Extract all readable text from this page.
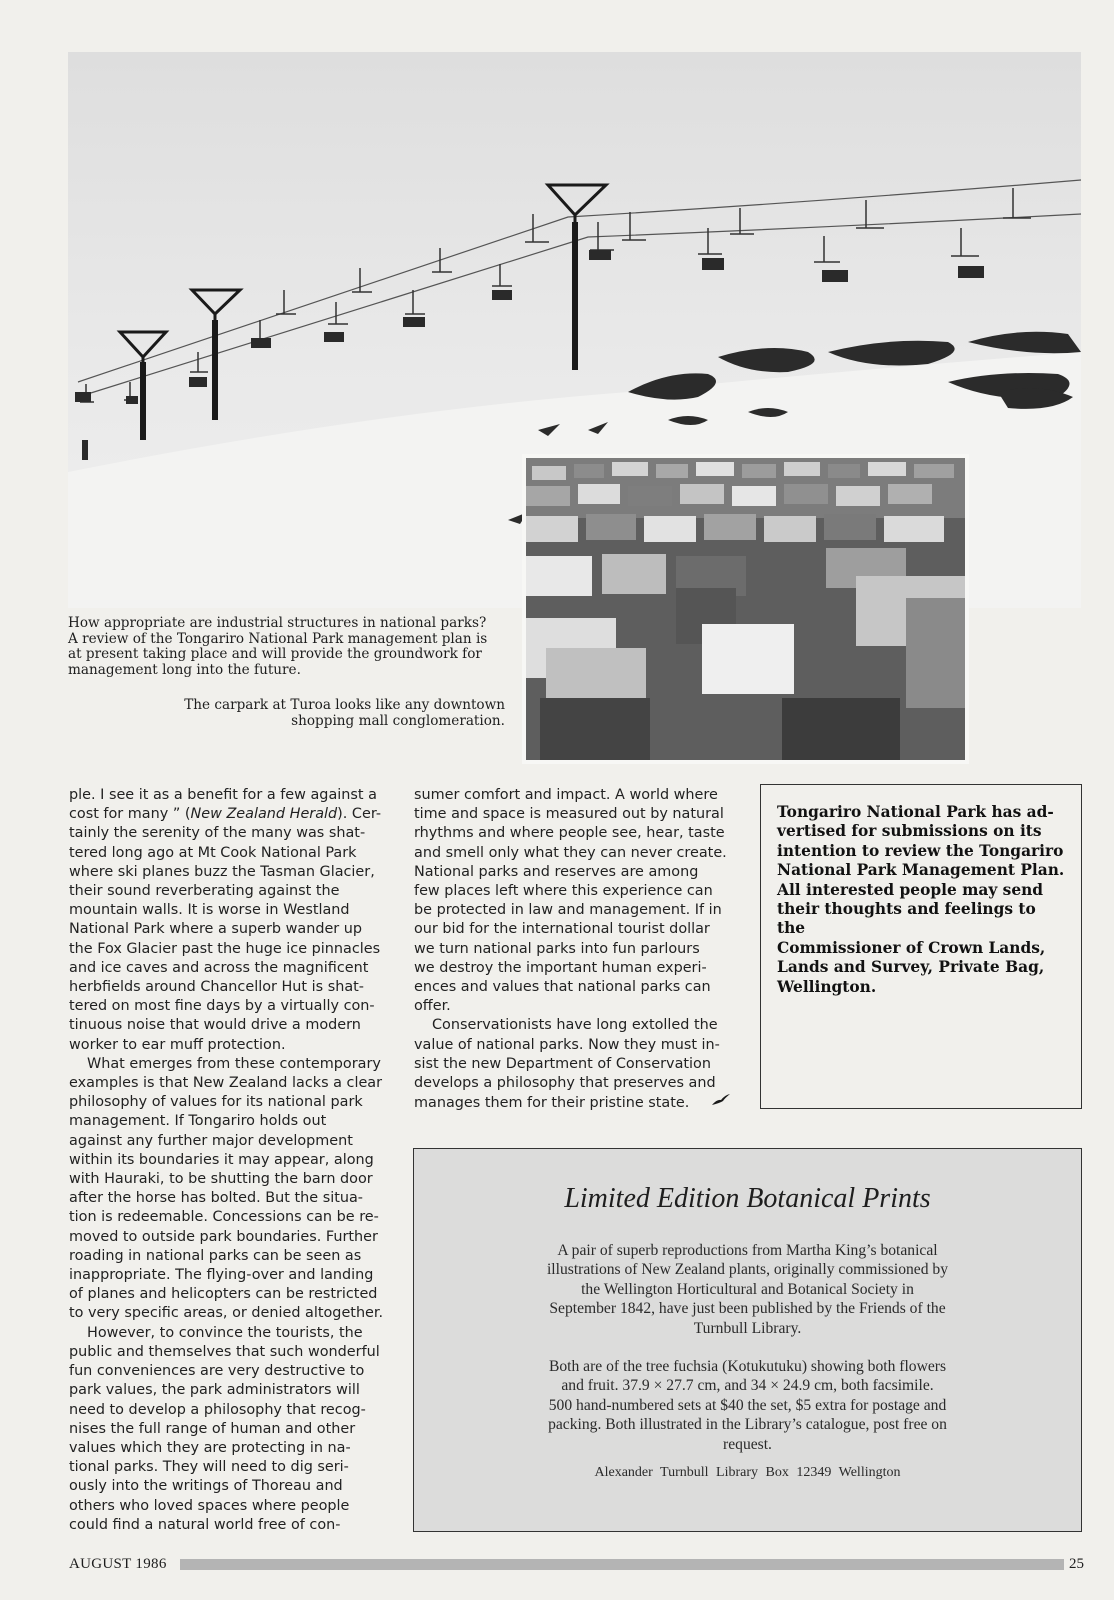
How appropriate are industrial structures in national parks? A review of the Tongariro National Park management plan is at present taking place and will provide the groundwork for management long into the future.
The carpark at Turoa looks like any downtown shopping mall conglomeration.

ple. I see it as a benefit for a few against a
cost for many ” (New Zealand Herald). Cer-
tainly the serenity of the many was shat-
tered long ago at Mt Cook National Park
where ski planes buzz the Tasman Glacier,
their sound reverberating against the
mountain walls. It is worse in Westland
National Park where a superb wander up
the Fox Glacier past the huge ice pinnacles
and ice caves and across the magnificent
herbfields around Chancellor Hut is shat-
tered on most fine days by a virtually con-
tinuous noise that would drive a modern
worker to ear muff protection.

What emerges from these contemporary
examples is that New Zealand lacks a clear
philosophy of values for its national park
management. If Tongariro holds out
against any further major development
within its boundaries it may appear, along
with Hauraki, to be shutting the barn door
after the horse has bolted. But the situa-
tion is redeemable. Concessions can be re-
moved to outside park boundaries. Further
roading in national parks can be seen as
inappropriate. The flying-over and landing
of planes and helicopters can be restricted
to very specific areas, or denied altogether.

However, to convince the tourists, the
public and themselves that such wonderful
fun conveniences are very destructive to
park values, the park administrators will
need to develop a philosophy that recog-
nises the full range of human and other
values which they are protecting in na-
tional parks. They will need to dig seri-
ously into the writings of Thoreau and
others who loved spaces where people
could find a natural world free of con-

sumer comfort and impact. A world where
time and space is measured out by natural
rhythms and where people see, hear, taste
and smell only what they can never create.
National parks and reserves are among
few places left where this experience can
be protected in law and management. If in
our bid for the international tourist dollar
we turn national parks into fun parlours
we destroy the important human experi-
ences and values that national parks can
offer.

Conservationists have long extolled the
value of national parks. Now they must in-
sist the new Department of Conservation
develops a philosophy that preserves and
manages them for their pristine state.

Tongariro National Park has ad-
vertised for submissions on its
intention to review the Tongariro
National Park Management Plan.
All interested people may send
their thoughts and feelings to the
Commissioner of Crown Lands,
Lands and Survey, Private Bag,
Wellington.
Limited Edition Botanical Prints
A pair of superb reproductions from Martha King’s botanical
illustrations of New Zealand plants, originally commissioned by
the Wellington Horticultural and Botanical Society in
September 1842, have just been published by the Friends of the
Turnbull Library.
Both are of the tree fuchsia (Kotukutuku) showing both flowers
and fruit. 37.9 × 27.7 cm, and 34 × 24.9 cm, both facsimile.
500 hand-numbered sets at $40 the set, $5 extra for postage and
packing. Both illustrated in the Library’s catalogue, post free on
request.
Alexander Turnbull Library Box 12349 Wellington
AUGUST 1986	25
